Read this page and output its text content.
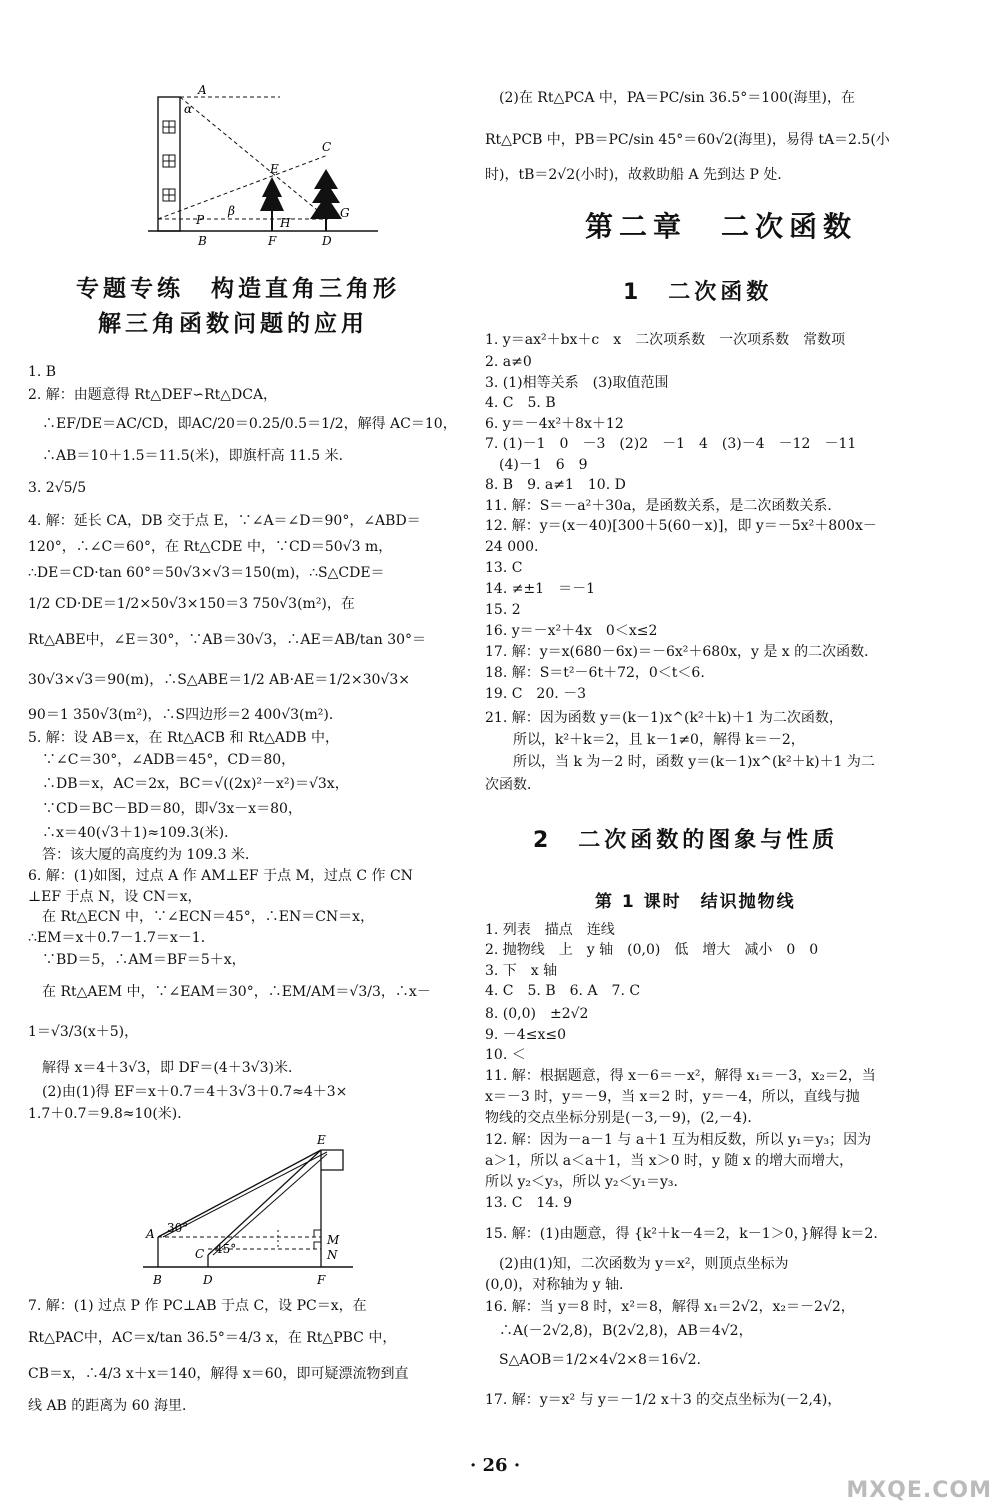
A
α
C
E
P
β
H
G
B	F	D
专题专练　构造直角三角形
解三角函数问题的应用
1. B
2. 解：由题意得 Rt△DEF∽Rt△DCA，
　∴EF/DE＝AC/CD，即AC/20＝0.25/0.5＝1/2，解得 AC＝10，
　∴AB＝10＋1.5＝11.5(米)，即旗杆高 11.5 米．
3. 2√5/5
4. 解：延长 CA，DB 交于点 E，∵∠A＝∠D＝90°，∠ABD＝
120°，∴∠C＝60°，在 Rt△CDE 中，∵CD＝50√3 m，
∴DE＝CD·tan 60°＝50√3×√3＝150(m)，∴S△CDE＝
1/2 CD·DE＝1/2×50√3×150＝3 750√3(m²)，在
Rt△ABE中，∠E＝30°，∵AB＝30√3，∴AE＝AB/tan 30°＝
30√3×√3＝90(m)，∴S△ABE＝1/2 AB·AE＝1/2×30√3×
90＝1 350√3(m²)，∴S四边形＝2 400√3(m²)．
5. 解：设 AB＝x，在 Rt△ACB 和 Rt△ADB 中，
　∵∠C＝30°，∠ADB＝45°，CD＝80，
　∴DB＝x，AC＝2x，BC＝√((2x)²－x²)＝√3x，
　∵CD＝BC－BD＝80，即√3x－x＝80，
　∴x＝40(√3＋1)≈109.3(米)．
　答：该大厦的高度约为 109.3 米．
6. 解：(1)如图，过点 A 作 AM⊥EF 于点 M，过点 C 作 CN
⊥EF 于点 N，设 CN＝x，
　在 Rt△ECN 中，∵∠ECN＝45°，∴EN＝CN＝x，
∴EM＝x＋0.7－1.7＝x－1．
　∵BD＝5，∴AM＝BF＝5＋x，
　在 Rt△AEM 中，∵∠EAM＝30°，∴EM/AM＝√3/3，∴x－
1＝√3/3(x＋5)，
　解得 x＝4＋3√3，即 DF＝(4＋3√3)米．
　(2)由(1)得 EF＝x＋0.7＝4＋3√3＋0.7≈4＋3×
1.7＋0.7＝9.8≈10(米)．
E
A 30°
C 45°
M
N
B	D	F
7. 解：(1) 过点 P 作 PC⊥AB 于点 C，设 PC＝x，在
Rt△PAC中，AC＝x/tan 36.5°＝4/3 x，在 Rt△PBC 中，
CB＝x，∴4/3 x＋x＝140，解得 x＝60，即可疑漂流物到直
线 AB 的距离为 60 海里．
　(2)在 Rt△PCA 中，PA＝PC/sin 36.5°＝100(海里)，在
Rt△PCB 中，PB＝PC/sin 45°＝60√2(海里)，易得 tA＝2.5(小
时)，tB＝2√2(小时)，故救助船 A 先到达 P 处．
第二章　二次函数
1　二次函数
1. y＝ax²＋bx＋c　x　二次项系数　一次项系数　常数项
2. a≠0
3. (1)相等关系　(3)取值范围
4. C　5. B
6. y＝－4x²＋8x＋12
7. (1)－1　0　－3　(2)2　－1　4　(3)－4　－12　－11
　(4)－1　6　9
8. B　9. a≠1　10. D
11. 解：S＝－a²＋30a，是函数关系，是二次函数关系．
12. 解：y＝(x－40)[300＋5(60－x)]，即 y＝－5x²＋800x－
24 000.
13. C
14. ≠±1　＝－1
15. 2
16. y＝－x²＋4x　0＜x≤2
17. 解：y＝x(680－6x)＝－6x²＋680x，y 是 x 的二次函数．
18. 解：S＝t²－6t＋72，0＜t＜6.
19. C　20. －3
21. 解：因为函数 y＝(k－1)x^(k²＋k)＋1 为二次函数，
　　所以，k²＋k＝2，且 k－1≠0，解得 k＝－2，
　　所以，当 k 为－2 时，函数 y＝(k－1)x^(k²＋k)＋1 为二
次函数．
2　二次函数的图象与性质
第 1 课时　结识抛物线
1. 列表　描点　连线
2. 抛物线　上　y 轴　(0,0)　低　增大　减小　0　0
3. 下　x 轴
4. C　5. B　6. A　7. C
8. (0,0)　±2√2
9. －4≤x≤0
10. ＜
11. 解：根据题意，得 x－6＝－x²，解得 x₁＝－3，x₂＝2，当
x＝－3 时，y＝－9，当 x＝2 时，y＝－4，所以，直线与抛
物线的交点坐标分别是(－3,－9)，(2,－4)．
12. 解：因为－a－1 与 a＋1 互为相反数，所以 y₁＝y₃；因为
a＞1，所以 a＜a＋1，当 x＞0 时，y 随 x 的增大而增大，
所以 y₂＜y₃，所以 y₂＜y₁＝y₃．
13. C　14. 9
15. 解：(1)由题意，得 {k²＋k－4＝2，k－1＞0，}解得 k＝2.
　(2)由(1)知，二次函数为 y＝x²，则顶点坐标为
(0,0)，对称轴为 y 轴．
16. 解：当 y＝8 时，x²＝8，解得 x₁＝2√2，x₂＝－2√2，
　∴A(－2√2,8)，B(2√2,8)，AB＝4√2，
　S△AOB＝1/2×4√2×8＝16√2.
17. 解：y＝x² 与 y＝－1/2 x＋3 的交点坐标为(－2,4)，
· 26 ·
MXQE.COM
